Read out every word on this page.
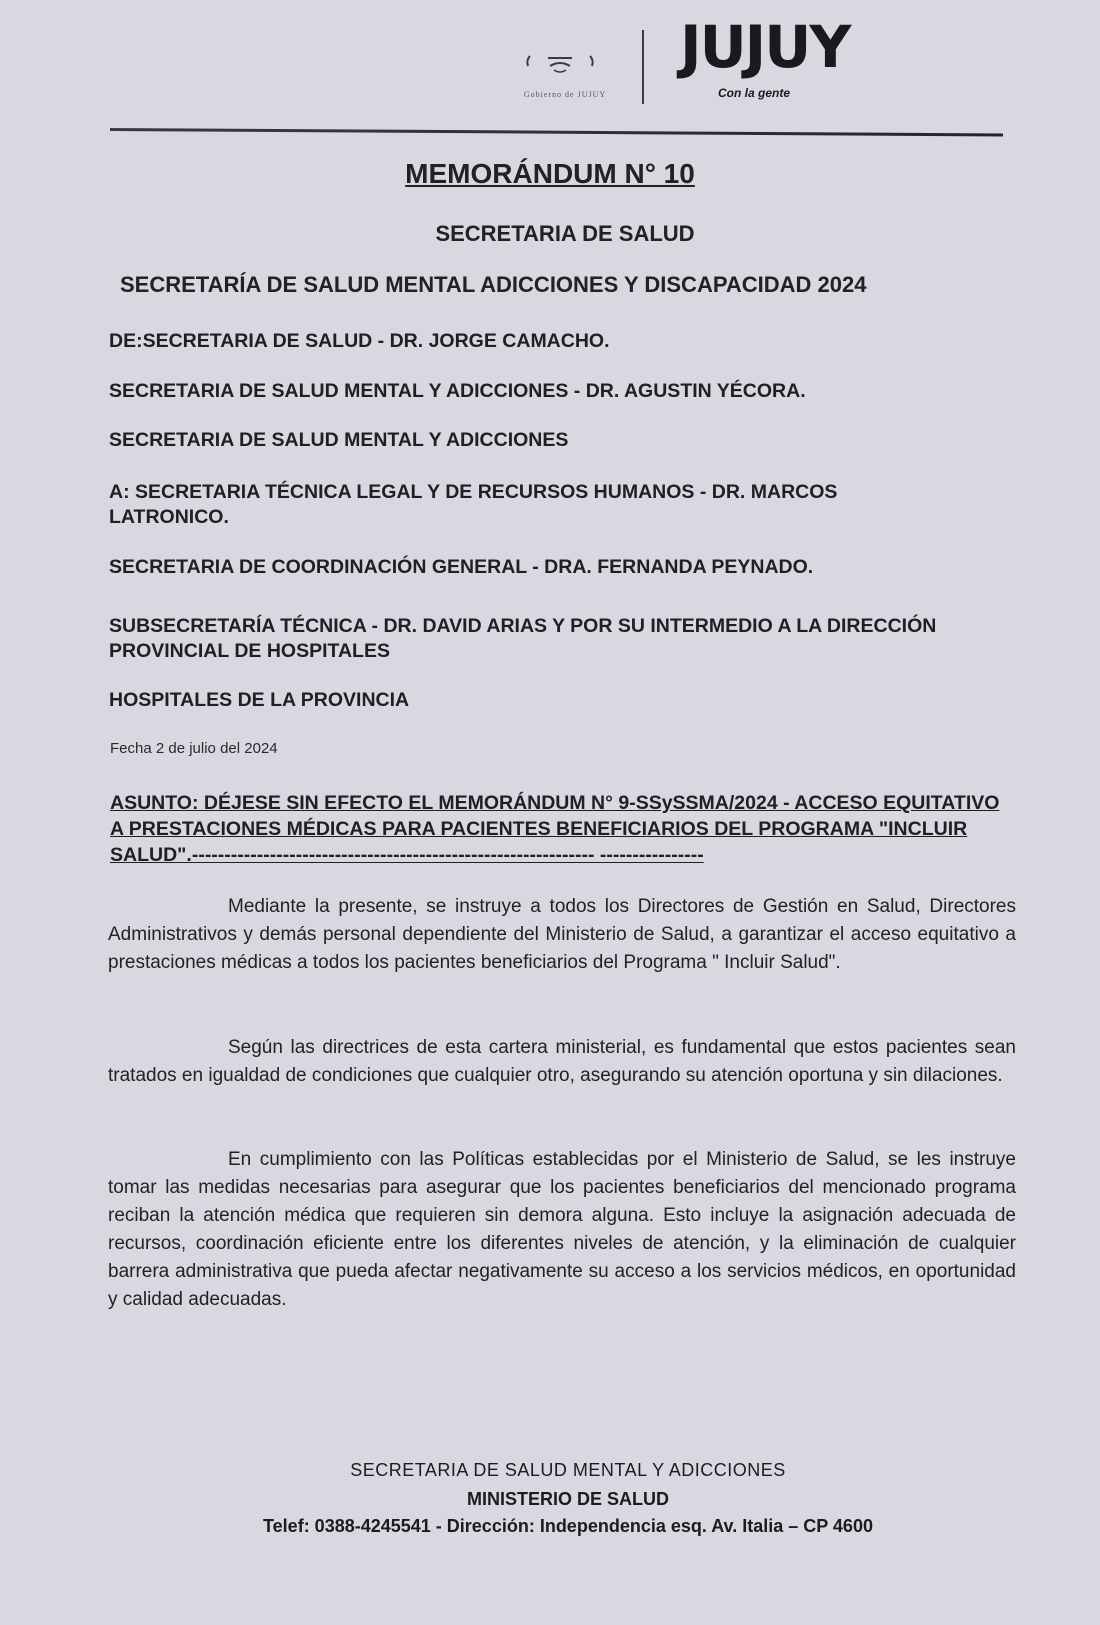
Gobierno de JUJUY
JUJUY
Con la gente
MEMORÁNDUM N° 10
SECRETARIA DE SALUD
SECRETARÍA DE SALUD MENTAL ADICCIONES Y DISCAPACIDAD 2024
DE:SECRETARIA DE SALUD - DR. JORGE CAMACHO.
SECRETARIA DE SALUD MENTAL Y ADICCIONES - DR. AGUSTIN YÉCORA.
SECRETARIA DE SALUD MENTAL Y ADICCIONES
A: SECRETARIA TÉCNICA LEGAL Y DE RECURSOS HUMANOS - DR. MARCOS LATRONICO.
SECRETARIA DE COORDINACIÓN GENERAL - DRA. FERNANDA PEYNADO.
SUBSECRETARÍA TÉCNICA - DR. DAVID ARIAS Y POR SU INTERMEDIO A LA DIRECCIÓN PROVINCIAL DE HOSPITALES
HOSPITALES DE LA PROVINCIA
Fecha 2 de julio del 2024
ASUNTO: DÉJESE SIN EFECTO EL MEMORÁNDUM N° 9-SSySSMA/2024 - ACCESO EQUITATIVO A PRESTACIONES MÉDICAS PARA PACIENTES BENEFICIARIOS DEL PROGRAMA "INCLUIR SALUD".-------------------------------------------------------------- ----------------
Mediante la presente, se instruye a todos los Directores de Gestión en Salud, Directores Administrativos y demás personal dependiente del Ministerio de Salud, a garantizar el acceso equitativo a prestaciones médicas a todos los pacientes beneficiarios del Programa " Incluir Salud".
Según las directrices de esta cartera ministerial, es fundamental que estos pacientes sean tratados en igualdad de condiciones que cualquier otro, asegurando su atención oportuna y sin dilaciones.
En cumplimiento con las Políticas establecidas por el Ministerio de Salud, se les instruye tomar las medidas necesarias para asegurar que los pacientes beneficiarios del mencionado programa reciban la atención médica que requieren sin demora alguna. Esto incluye la asignación adecuada de recursos, coordinación eficiente entre los diferentes niveles de atención, y la eliminación de cualquier barrera administrativa que pueda afectar negativamente su acceso a los servicios médicos, en oportunidad y calidad adecuadas.
SECRETARIA DE SALUD MENTAL Y ADICCIONES
MINISTERIO DE SALUD
Telef: 0388-4245541 - Dirección: Independencia esq. Av. Italia – CP 4600
